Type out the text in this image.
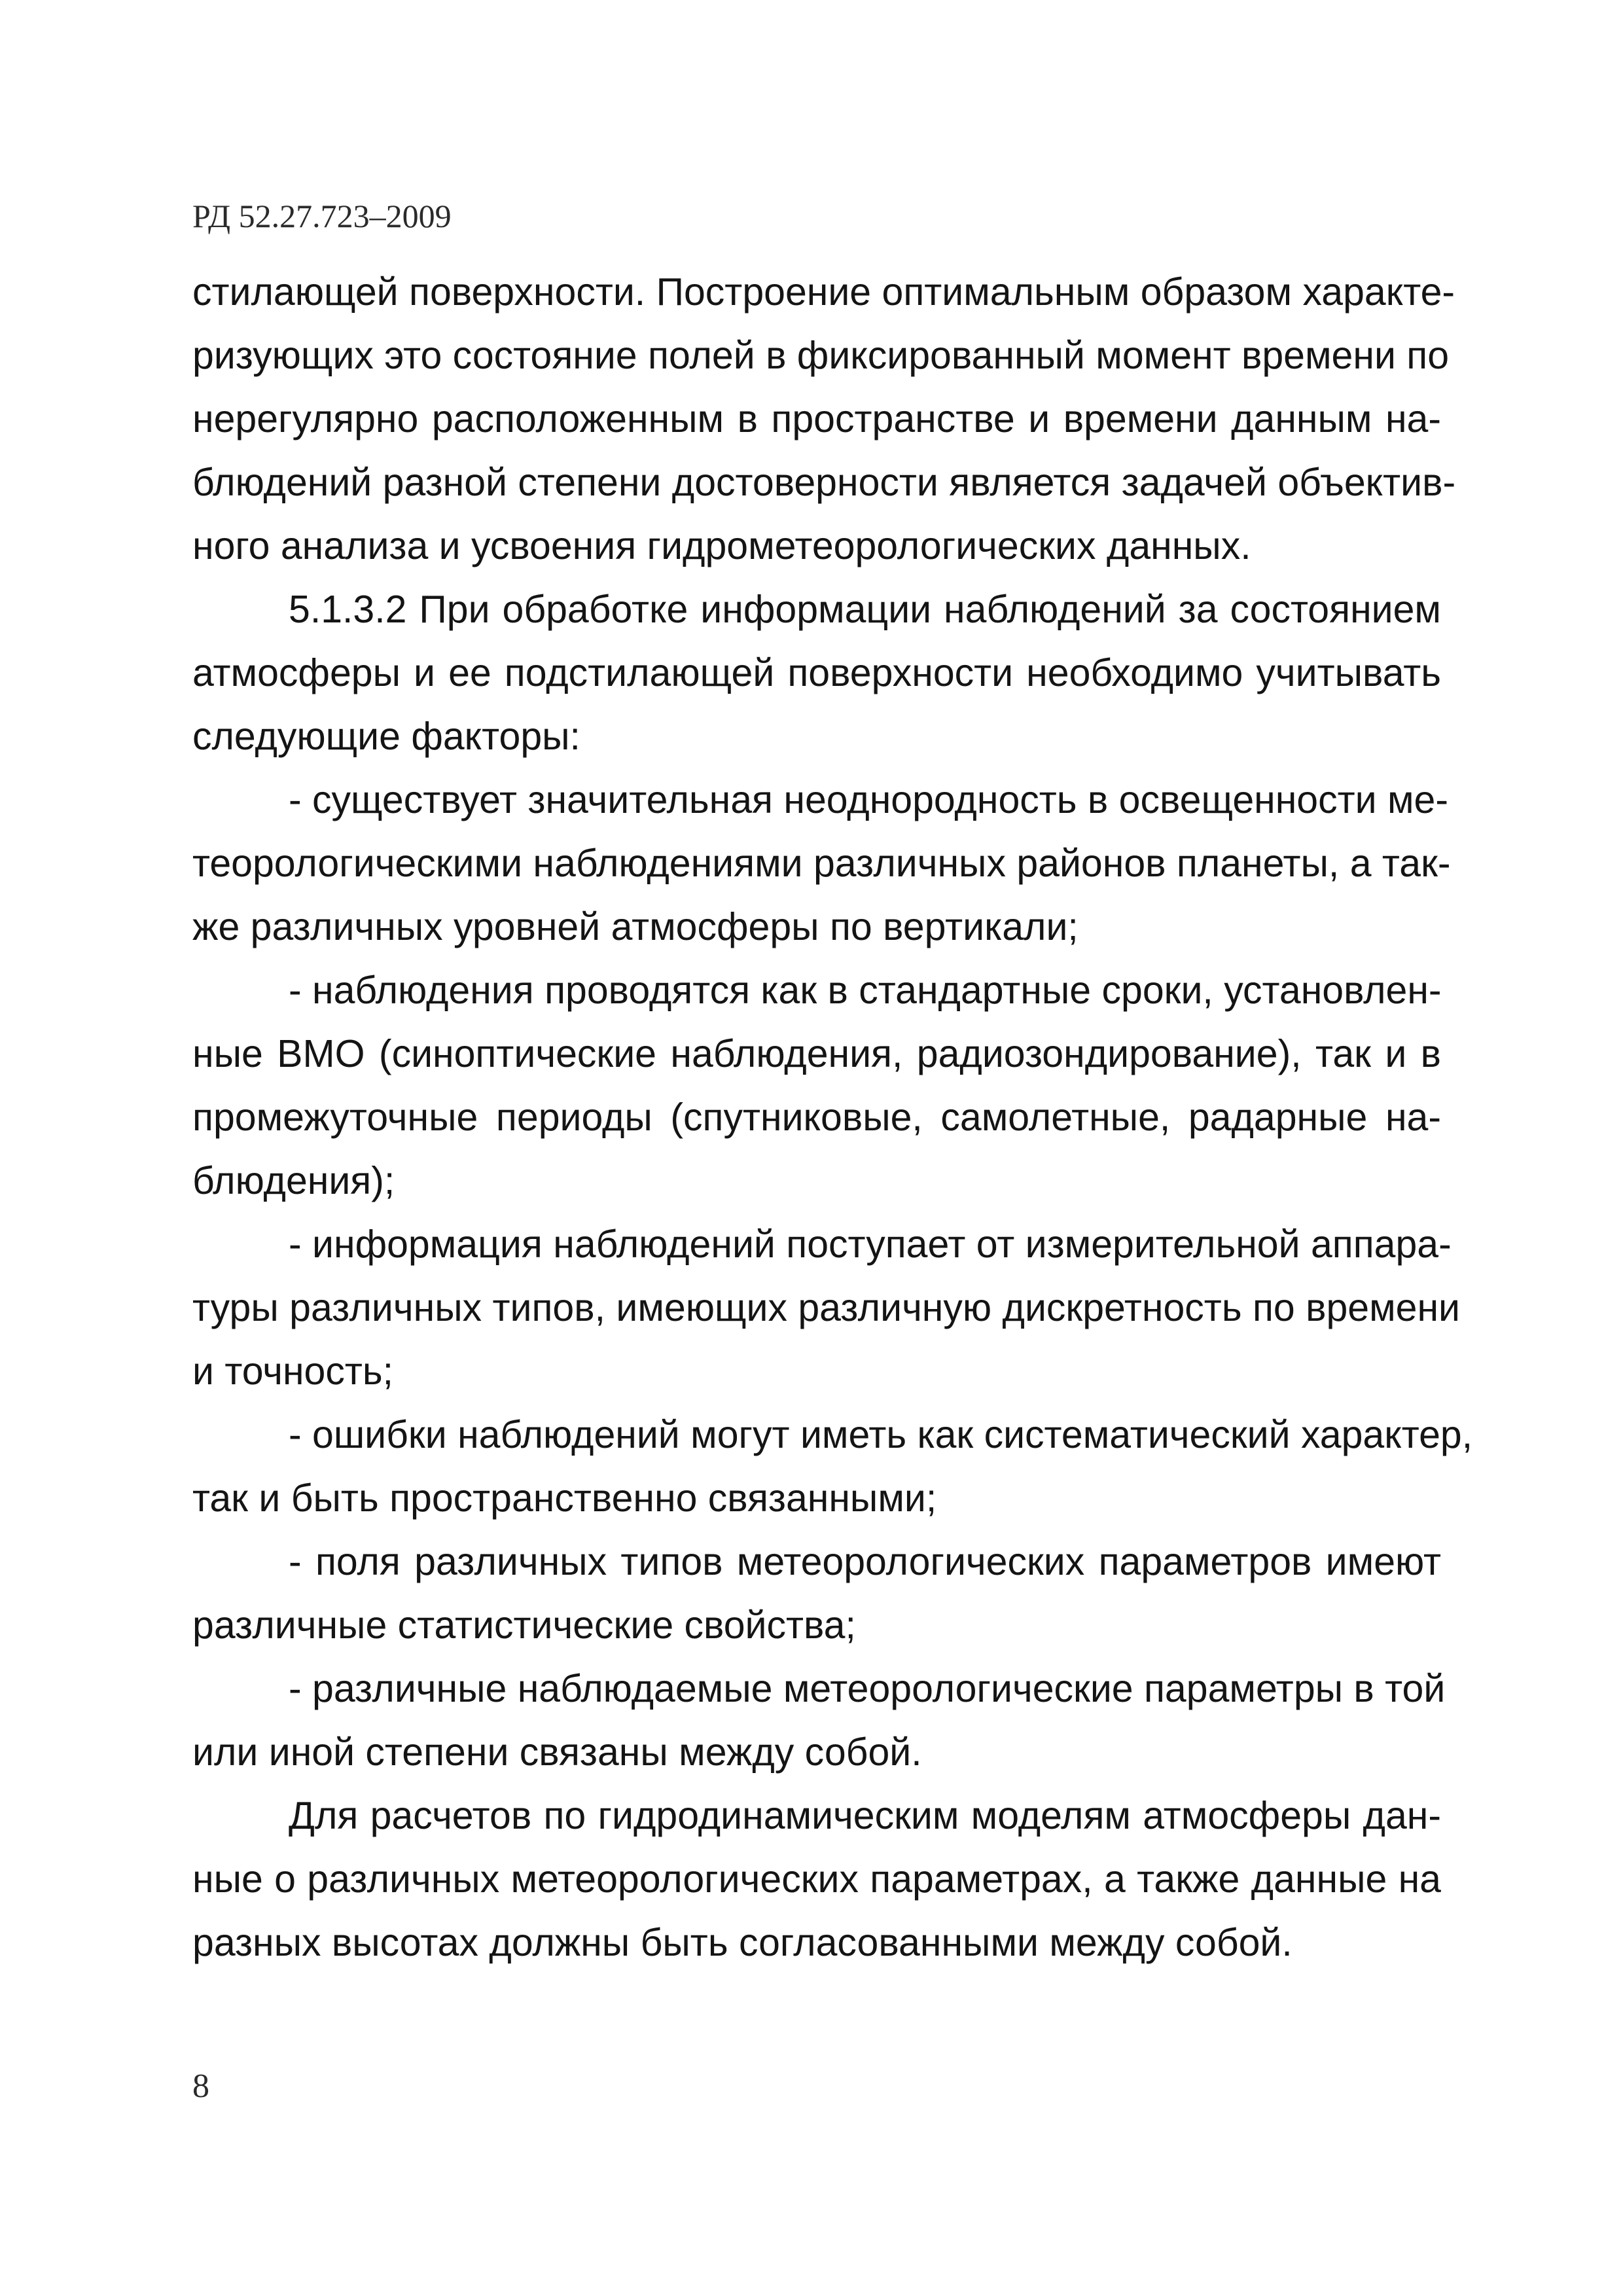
РД 52.27.723–2009

стилающей поверхности. Построение оптимальным образом характе-
ризующих это состояние полей в фиксированный момент времени по
нерегулярно расположенным в пространстве и времени данным на-
блюдений разной степени достоверности является задачей объектив-
ного анализа и усвоения гидрометеорологических данных.

5.1.3.2 При обработке информации наблюдений за состоянием
атмосферы и ее подстилающей поверхности необходимо учитывать
следующие факторы:

- существует значительная неоднородность в освещенности ме-
теорологическими наблюдениями различных районов планеты, а так-
же различных уровней атмосферы по вертикали;

- наблюдения проводятся как в стандартные сроки, установлен-
ные ВМО (синоптические наблюдения, радиозондирование), так и в
промежуточные периоды (спутниковые, самолетные, радарные на-
блюдения);

- информация наблюдений поступает от измерительной аппара-
туры различных типов, имеющих различную дискретность по времени
и точность;

- ошибки наблюдений могут иметь как систематический характер,
так и быть пространственно связанными;

- поля различных типов метеорологических параметров имеют
различные статистические свойства;

- различные наблюдаемые метеорологические параметры в той
или иной степени связаны между собой.

Для расчетов по гидродинамическим моделям атмосферы дан-
ные о различных метеорологических параметрах, а также данные на
разных высотах должны быть согласованными между собой.

8
